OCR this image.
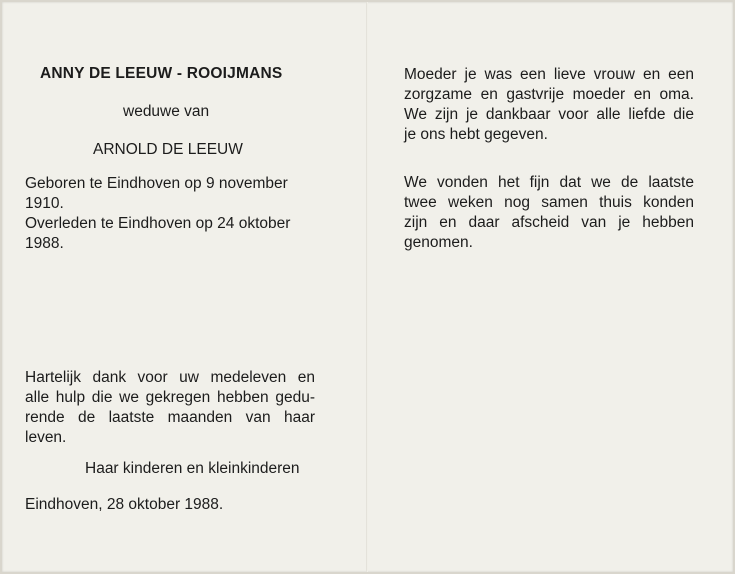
ANNY DE LEEUW - ROOIJMANS
weduwe van
ARNOLD DE LEEUW
Geboren te Eindhoven op 9 november
1910.
Overleden te Eindhoven op 24 oktober
1988.
Hartelijk dank voor uw medeleven en
alle hulp die we gekregen hebben gedu-
rende de laatste maanden van haar
leven.
Haar kinderen en kleinkinderen
Eindhoven, 28 oktober 1988.
Moeder je was een lieve vrouw en een
zorgzame en gastvrije moeder en oma.
We zijn je dankbaar voor alle liefde die
je ons hebt gegeven.
We vonden het fijn dat we de laatste
twee weken nog samen thuis konden
zijn en daar afscheid van je hebben
genomen.
